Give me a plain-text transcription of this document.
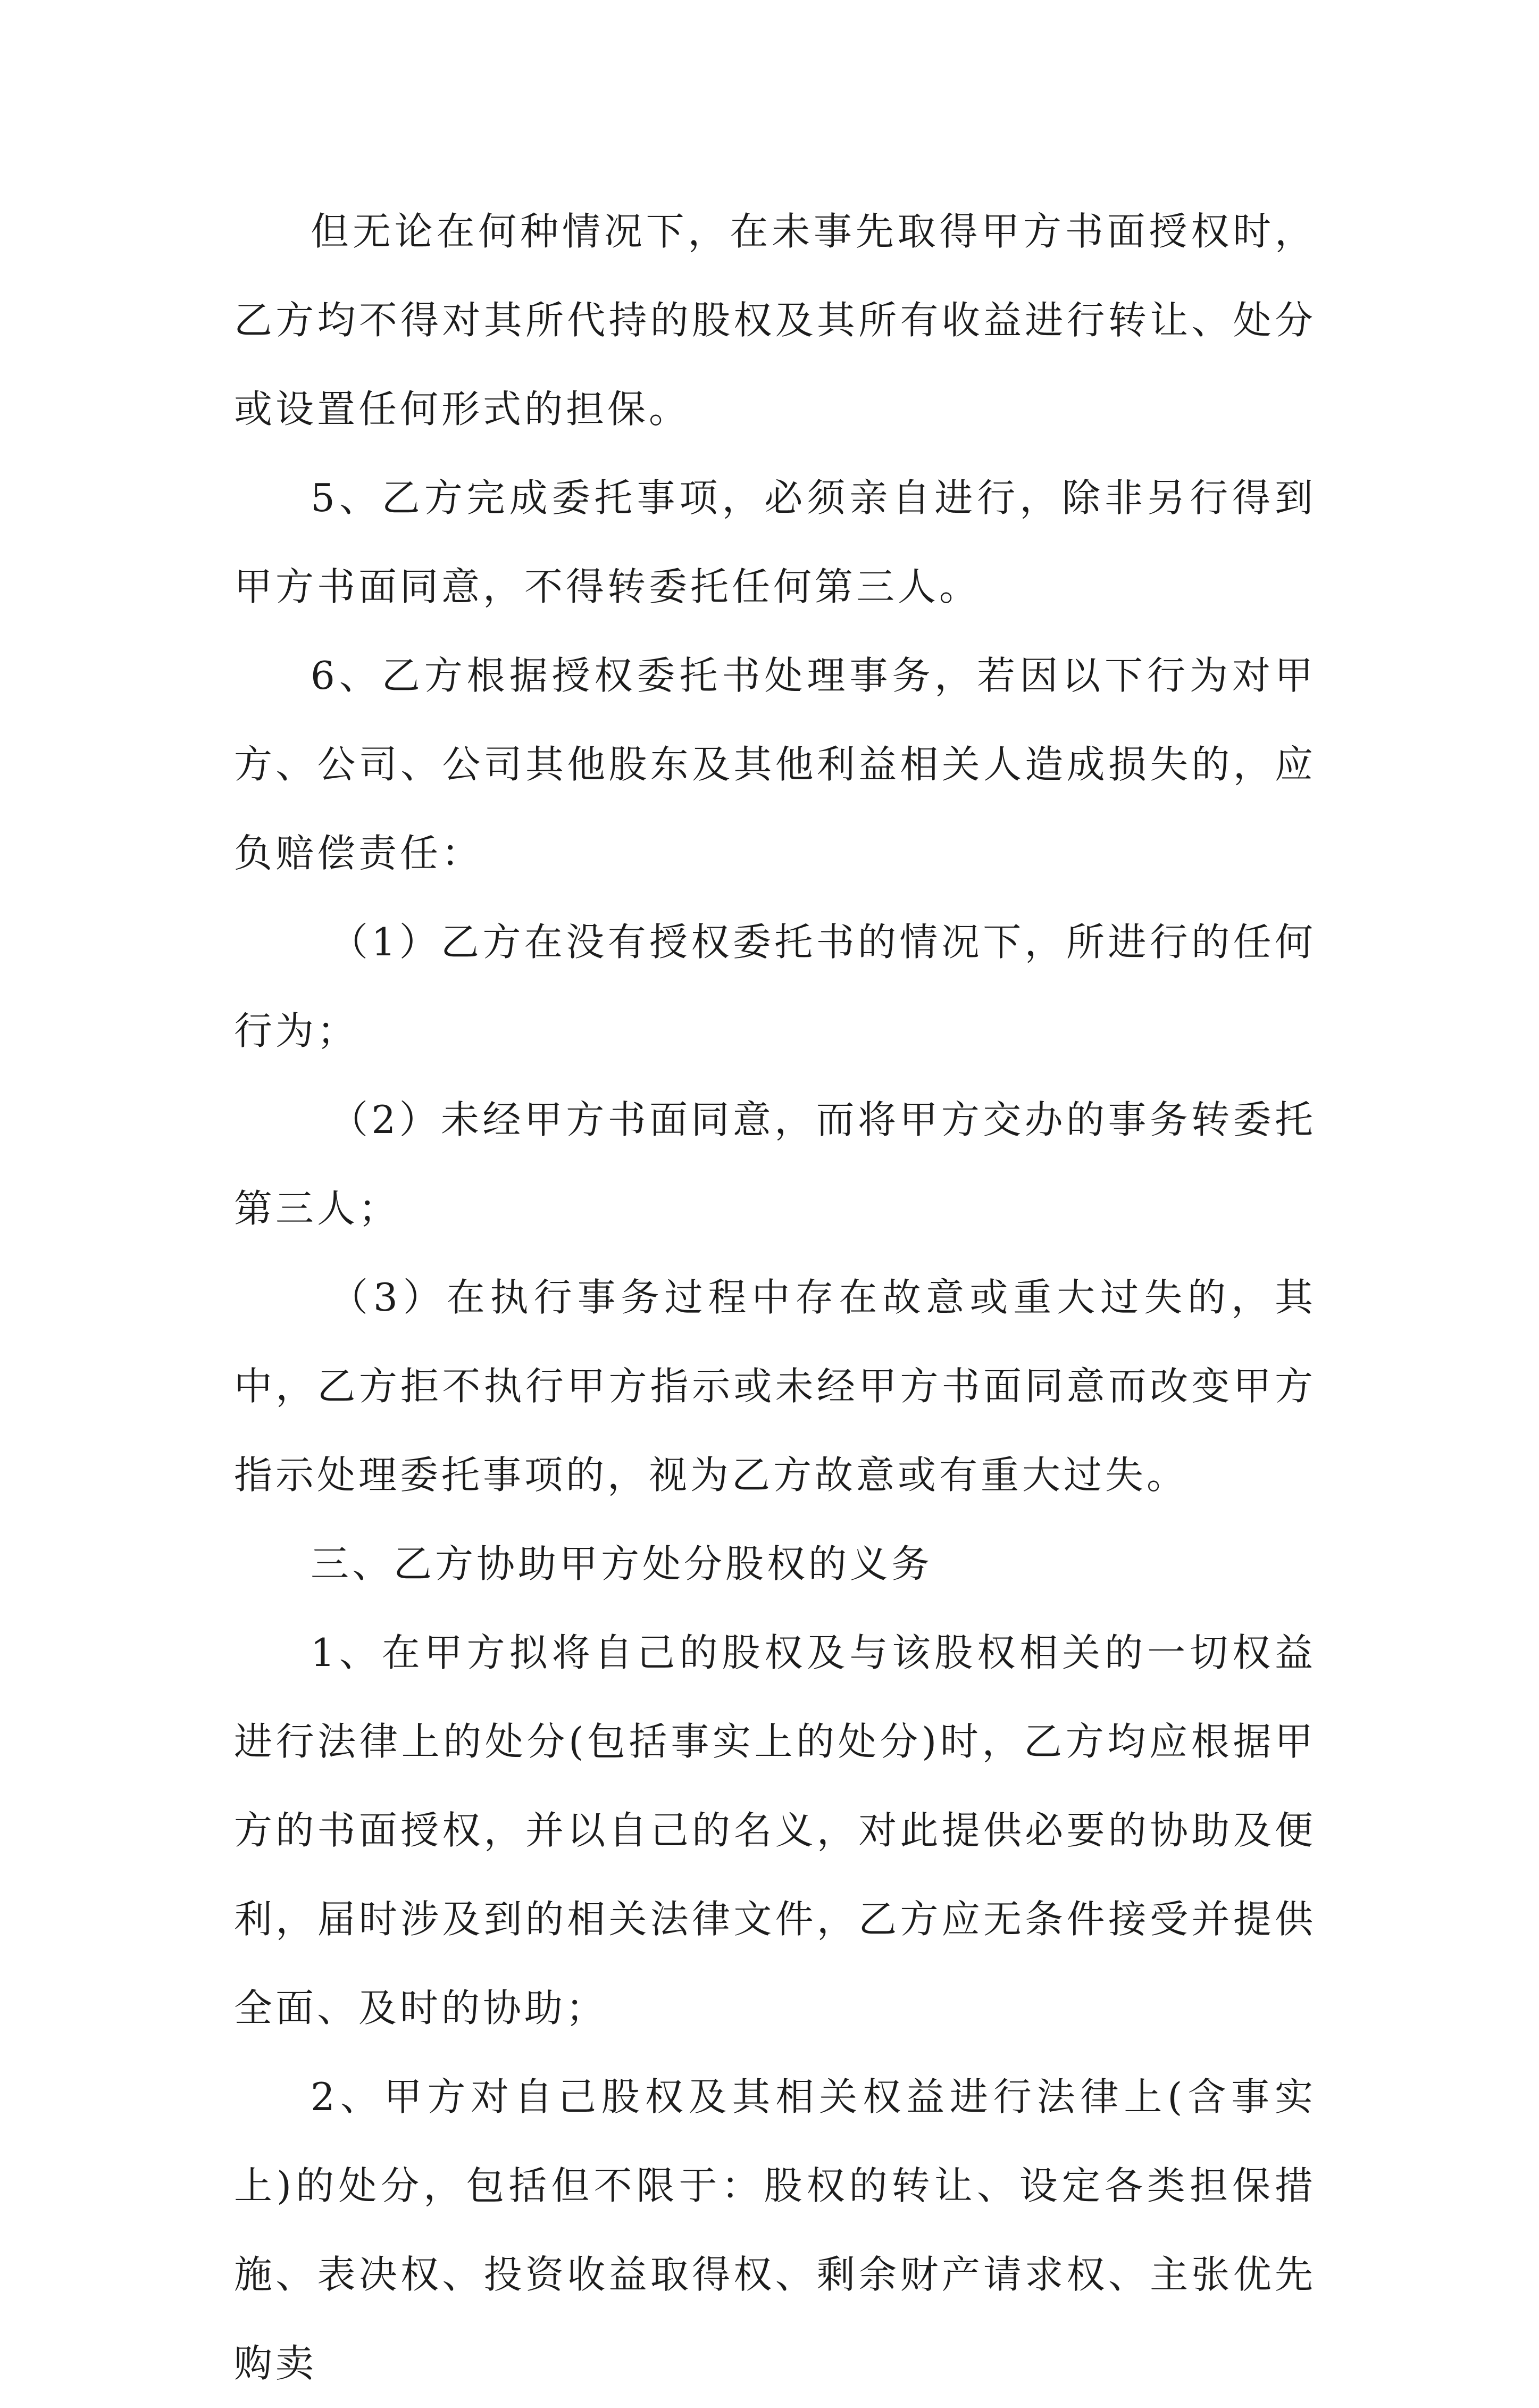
但无论在何种情况下，在未事先取得甲方书面授权时，乙方均不得对其所代持的股权及其所有收益进行转让、处分或设置任何形式的担保。

5、乙方完成委托事项，必须亲自进行，除非另行得到甲方书面同意，不得转委托任何第三人。

6、乙方根据授权委托书处理事务，若因以下行为对甲方、公司、公司其他股东及其他利益相关人造成损失的，应负赔偿责任：

（1）乙方在没有授权委托书的情况下，所进行的任何行为；

（2）未经甲方书面同意，而将甲方交办的事务转委托第三人；

（3）在执行事务过程中存在故意或重大过失的，其中，乙方拒不执行甲方指示或未经甲方书面同意而改变甲方指示处理委托事项的，视为乙方故意或有重大过失。

三、乙方协助甲方处分股权的义务

1、在甲方拟将自己的股权及与该股权相关的一切权益进行法律上的处分(包括事实上的处分)时，乙方均应根据甲方的书面授权，并以自己的名义，对此提供必要的协助及便利，届时涉及到的相关法律文件，乙方应无条件接受并提供全面、及时的协助；

2、甲方对自己股权及其相关权益进行法律上(含事实上)的处分，包括但不限于：股权的转让、设定各类担保措施、表决权、投资收益取得权、剩余财产请求权、主张优先购卖
